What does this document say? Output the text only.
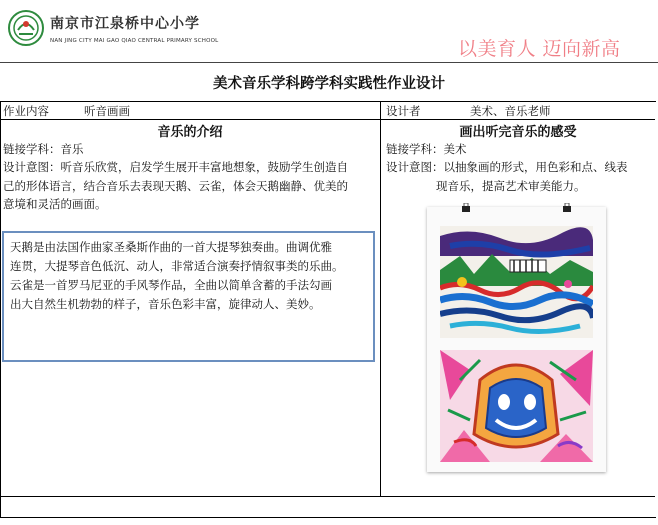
南京市江泉桥中心小学
NAN JING CITY MAI GAO QIAO CENTRAL PRIMARY SCHOOL	以美育人 迈向新高
美术音乐学科跨学科实践性作业设计
作业内容	听音画画	设计者	美术、音乐老师
音乐的介绍
链接学科：音乐
设计意图：听音乐欣赏，启发学生展开丰富地想象，鼓励学生创造自
己的形体语言，结合音乐去表现天鹅、云雀，体会天鹅幽静、优美的
意境和灵活的画面。
天鹅是由法国作曲家圣桑斯作曲的一首大提琴独奏曲。曲调优雅
连贯，大提琴音色低沉、动人，非常适合演奏抒情叙事类的乐曲。
云雀是一首罗马尼亚的手风琴作品，全曲以简单含蓄的手法勾画
出大自然生机勃勃的样子，音乐色彩丰富，旋律动人、美妙。
画出听完音乐的感受
链接学科：美术
设计意图：以抽象画的形式，用色彩和点、线表
现音乐，提高艺术审美能力。
